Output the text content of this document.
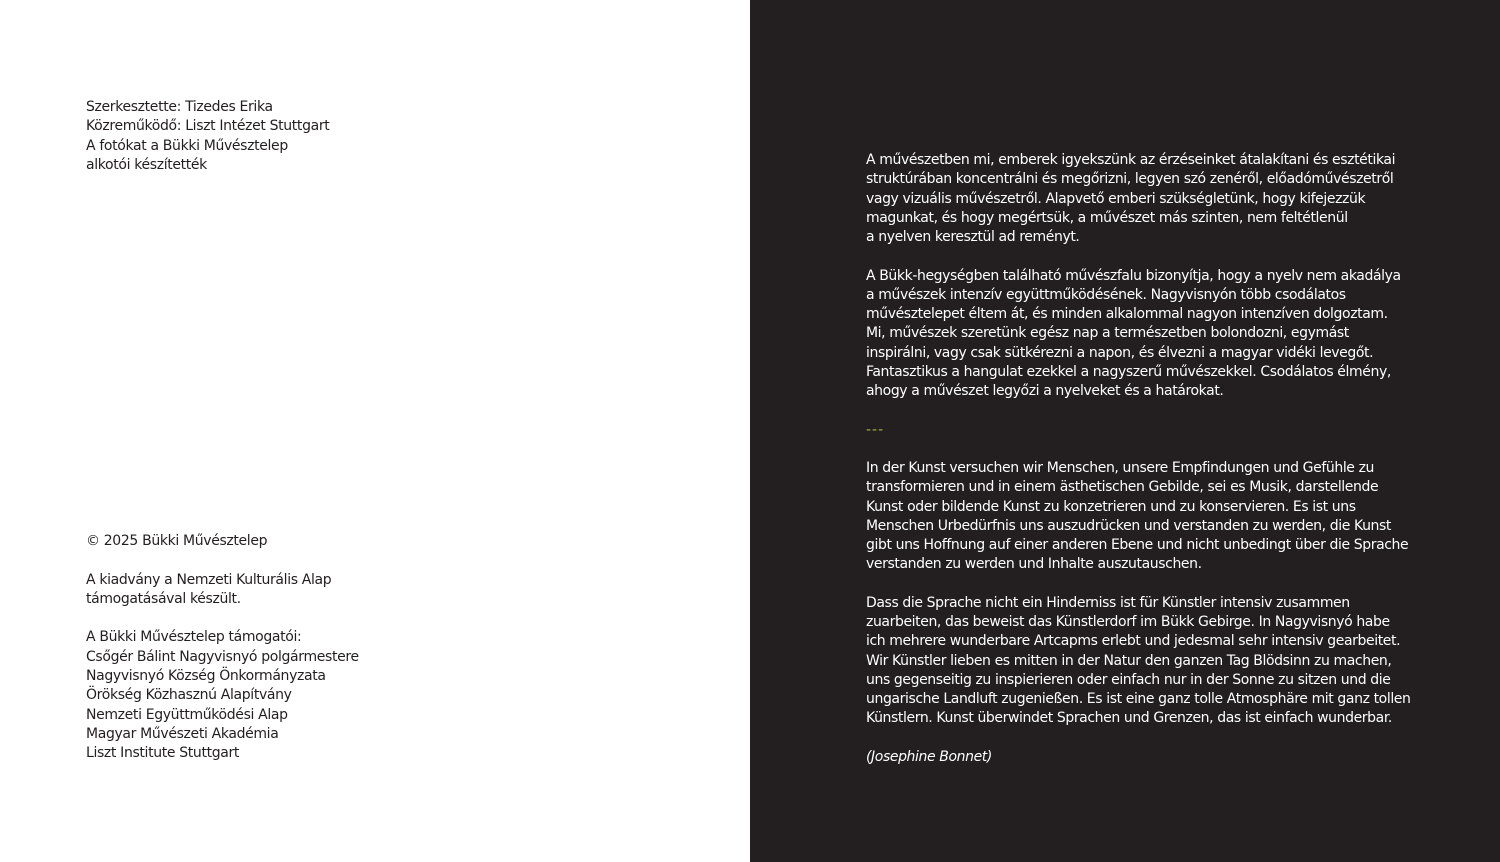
Szerkesztette: Tizedes Erika
Közreműködő: Liszt Intézet Stuttgart
A fotókat a Bükki Művésztelep
alkotói készítették
© 2025 Bükki Művésztelep
A kiadvány a Nemzeti Kulturális Alap
támogatásával készült.
A Bükki Művésztelep támogatói:
Csőgér Bálint Nagyvisnyó polgármestere
Nagyvisnyó Község Önkormányzata
Örökség Közhasznú Alapítvány
Nemzeti Együttműködési Alap
Magyar Művészeti Akadémia
Liszt Institute Stuttgart

A művészetben mi, emberek igyekszünk az érzéseinket átalakítani és esztétikai
struktúrában koncentrálni és megőrizni, legyen szó zenéről, előadóművészetről
vagy vizuális művészetről. Alapvető emberi szükségletünk, hogy kifejezzük
magunkat, és hogy megértsük, a művészet más szinten, nem feltétlenül
a nyelven keresztül ad reményt.

A Bükk-hegységben található művészfalu bizonyítja, hogy a nyelv nem akadálya
a művészek intenzív együttműködésének. Nagyvisnyón több csodálatos
művésztelepet éltem át, és minden alkalommal nagyon intenzíven dolgoztam.
Mi, művészek szeretünk egész nap a természetben bolondozni, egymást
inspirálni, vagy csak sütkérezni a napon, és élvezni a magyar vidéki levegőt.
Fantasztikus a hangulat ezekkel a nagyszerű művészekkel. Csodálatos élmény,
ahogy a művészet legyőzi a nyelveket és a határokat.

---

In der Kunst versuchen wir Menschen, unsere Empfindungen und Gefühle zu
transformieren und in einem ästhetischen Gebilde, sei es Musik, darstellende
Kunst oder bildende Kunst zu konzetrieren und zu konservieren. Es ist uns
Menschen Urbedürfnis uns auszudrücken und verstanden zu werden, die Kunst
gibt uns Hoffnung auf einer anderen Ebene und nicht unbedingt über die Sprache
verstanden zu werden und Inhalte auszutauschen.

Dass die Sprache nicht ein Hinderniss ist für Künstler intensiv zusammen
zuarbeiten, das beweist das Künstlerdorf im Bükk Gebirge. In Nagyvisnyó habe
ich mehrere wunderbare Artcapms erlebt und jedesmal sehr intensiv gearbeitet.
Wir Künstler lieben es mitten in der Natur den ganzen Tag Blödsinn zu machen,
uns gegenseitig zu inspierieren oder einfach nur in der Sonne zu sitzen und die
ungarische Landluft zugenießen. Es ist eine ganz tolle Atmosphäre mit ganz tollen
Künstlern. Kunst überwindet Sprachen und Grenzen, das ist einfach wunderbar.

(Josephine Bonnet)
